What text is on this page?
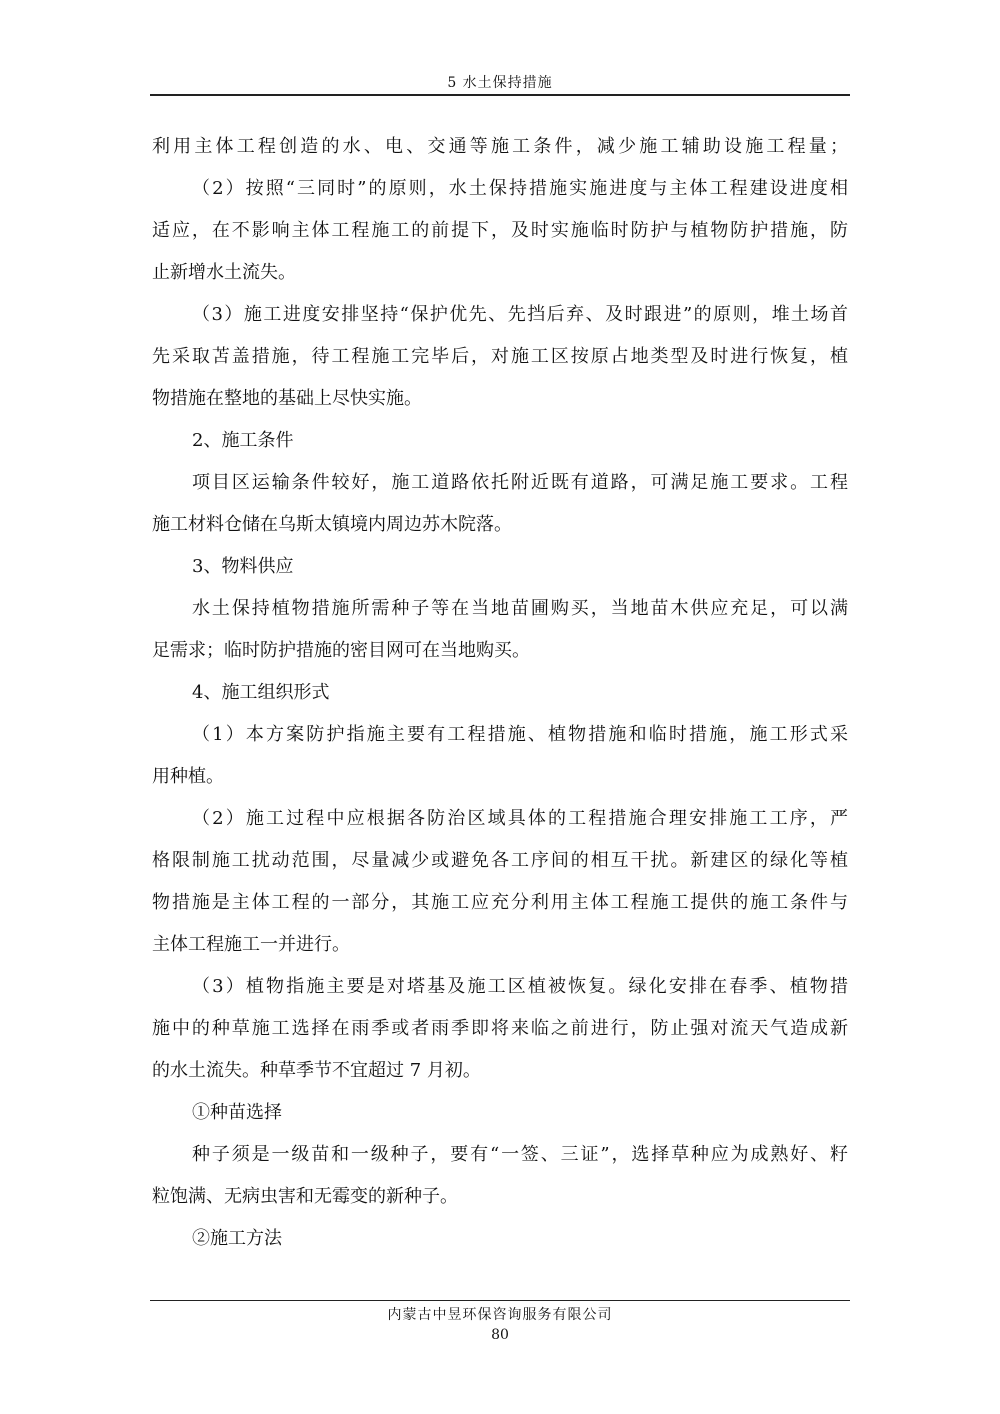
5 水土保持措施
利用主体工程创造的水、电、交通等施工条件，减少施工辅助设施工程量；
（2）按照“三同时”的原则，水土保持措施实施进度与主体工程建设进度相
适应，在不影响主体工程施工的前提下，及时实施临时防护与植物防护措施，防
止新增水土流失。
（3）施工进度安排坚持“保护优先、先挡后弃、及时跟进”的原则，堆土场首
先采取苫盖措施，待工程施工完毕后，对施工区按原占地类型及时进行恢复，植
物措施在整地的基础上尽快实施。
2、施工条件
项目区运输条件较好，施工道路依托附近既有道路，可满足施工要求。工程
施工材料仓储在乌斯太镇境内周边苏木院落。
3、物料供应
水土保持植物措施所需种子等在当地苗圃购买，当地苗木供应充足，可以满
足需求；临时防护措施的密目网可在当地购买。
4、施工组织形式
（1）本方案防护指施主要有工程措施、植物措施和临时措施，施工形式采
用种植。
（2）施工过程中应根据各防治区域具体的工程措施合理安排施工工序，严
格限制施工扰动范围，尽量减少或避免各工序间的相互干扰。新建区的绿化等植
物措施是主体工程的一部分，其施工应充分利用主体工程施工提供的施工条件与
主体工程施工一并进行。
（3）植物指施主要是对塔基及施工区植被恢复。绿化安排在春季、植物措
施中的种草施工选择在雨季或者雨季即将来临之前进行，防止强对流天气造成新
的水土流失。种草季节不宜超过 7 月初。
①种苗选择
种子须是一级苗和一级种子，要有“一签、三证”，选择草种应为成熟好、籽
粒饱满、无病虫害和无霉变的新种子。
②施工方法
内蒙古中昱环保咨询服务有限公司
80
